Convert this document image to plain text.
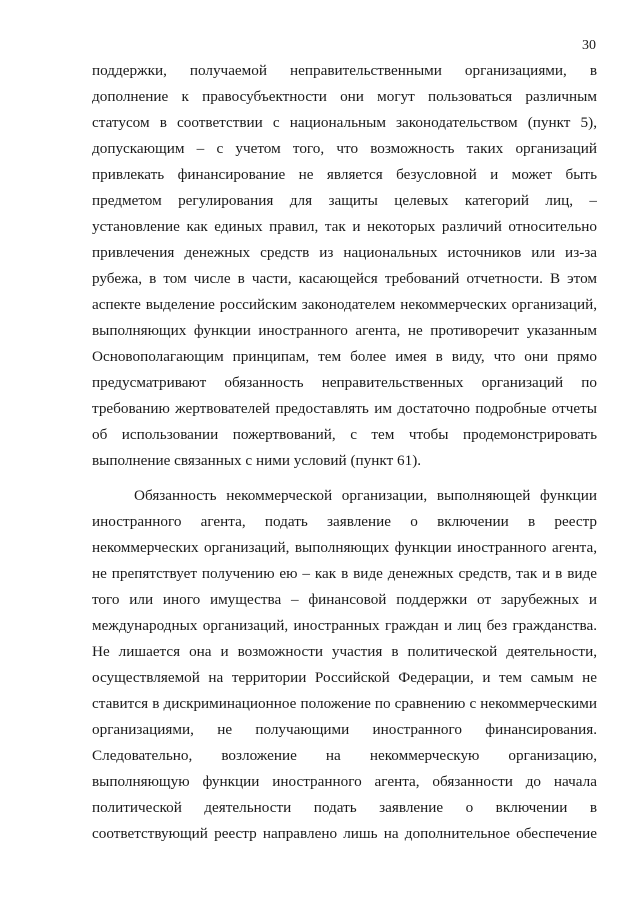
30
поддержки, получаемой неправительственными организациями, в
дополнение к правосубъектности они могут пользоваться различным
статусом в соответствии с национальным законодательством (пункт 5),
допускающим – с учетом того, что возможность таких организаций
привлекать финансирование не является безусловной и может быть
предметом регулирования для защиты целевых категорий лиц, –
установление как единых правил, так и некоторых различий относительно
привлечения денежных средств из национальных источников или из-за
рубежа, в том числе в части, касающейся требований отчетности. В этом
аспекте выделение российским законодателем некоммерческих организаций,
выполняющих функции иностранного агента, не противоречит указанным
Основополагающим принципам, тем более имея в виду, что они прямо
предусматривают обязанность неправительственных организаций по
требованию жертвователей предоставлять им достаточно подробные отчеты
об использовании пожертвований, с тем чтобы продемонстрировать
выполнение связанных с ними условий (пункт 61).
Обязанность некоммерческой организации, выполняющей функции
иностранного агента, подать заявление о включении в реестр
некоммерческих организаций, выполняющих функции иностранного агента,
не препятствует получению ею – как в виде денежных средств, так и в виде
того или иного имущества – финансовой поддержки от зарубежных и
международных организаций, иностранных граждан и лиц без гражданства.
Не лишается она и возможности участия в политической деятельности,
осуществляемой на территории Российской Федерации, и тем самым не
ставится в дискриминационное положение по сравнению с некоммерческими
организациями, не получающими иностранного финансирования.
Следовательно, возложение на некоммерческую организацию,
выполняющую функции иностранного агента, обязанности до начала
политической деятельности подать заявление о включении в
соответствующий реестр направлено лишь на дополнительное обеспечение
